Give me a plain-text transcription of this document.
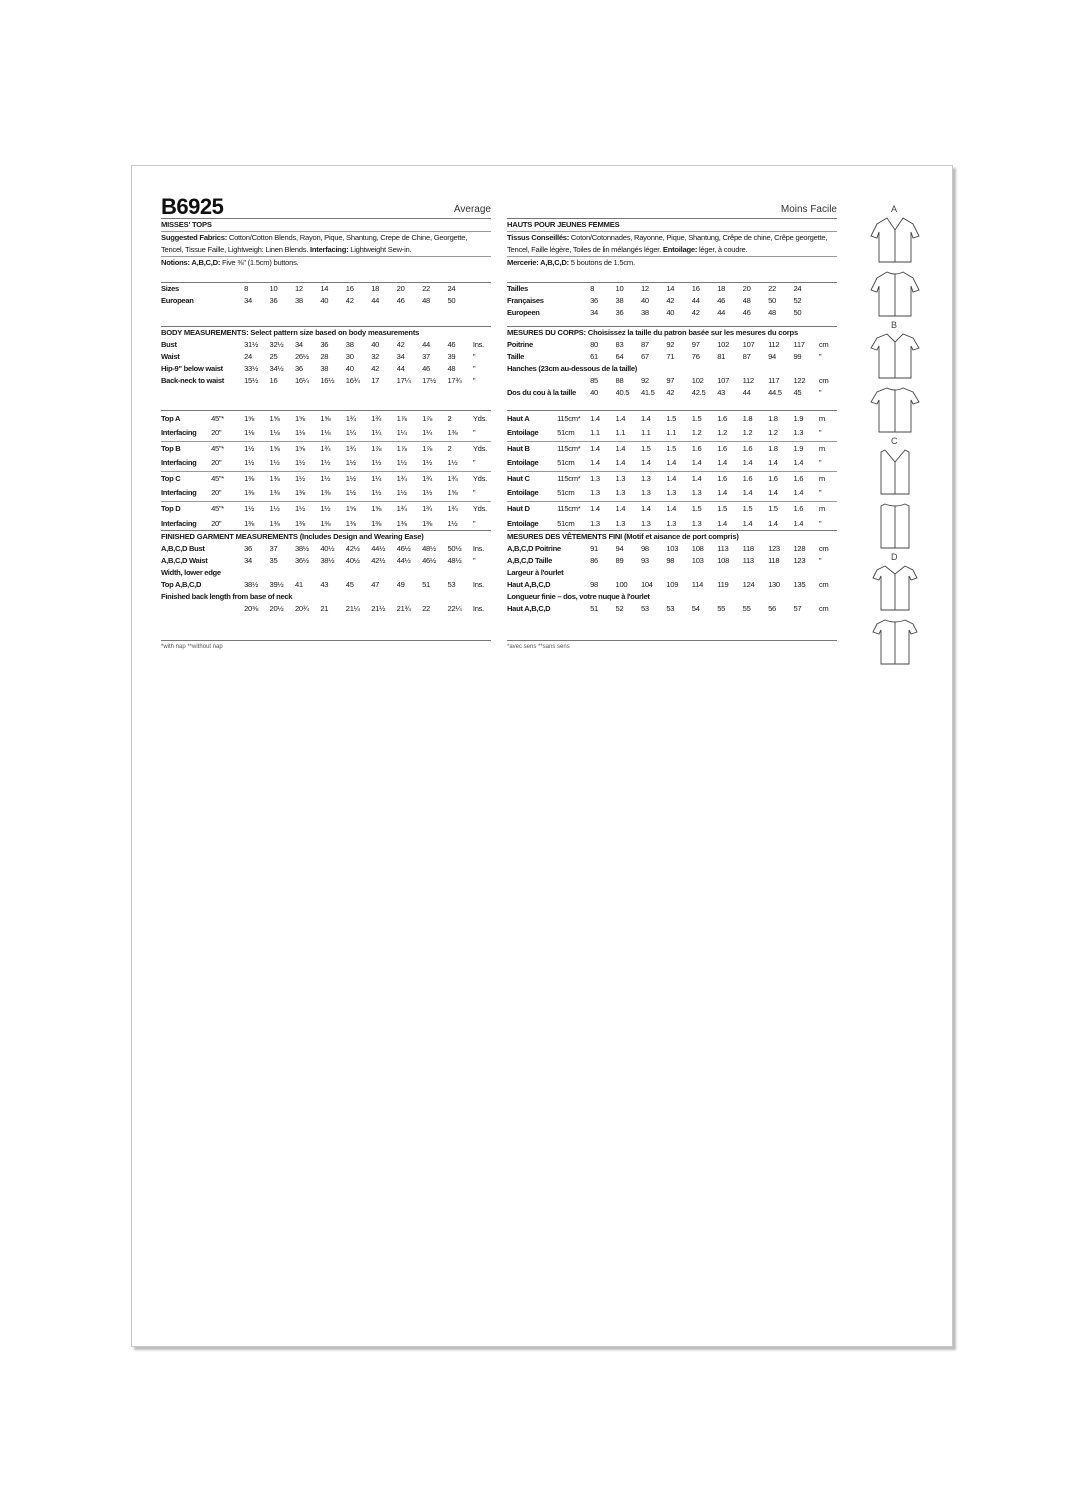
B6925	Average
MISSES' TOPS
Suggested Fabrics: Cotton/Cotton Blends, Rayon, Pique, Shantung, Crepe de Chine, Georgette, Tencel, Tissue Faille, Lightweigh: Linen Blends. Interfacing: Lightweight Sew-in.
Notions: A,B,C,D: Five ⅜" (1.5cm) buttons.
Sizes	8	10	12	14	16	18	20	22	24	
European	34	36	38	40	42	44	46	48	50	
BODY MEASUREMENTS: Select pattern size based on body measurements
Bust	31½	32½	34	36	38	40	42	44	46	Ins.
Waist	24	25	26½	28	30	32	34	37	39	"
Hip-9" below waist	33½	34½	36	38	40	42	44	46	48	"
Back-neck to waist	15½	16	16¼	16½	16¾	17	17¼	17½	17¾	"
Top A	45"*	1⅝	1⅝	1⅝	1⅝	1¾	1¾	1⅞	1⅞	2	Yds.
Interfacing	20"	1⅛	1⅛	1⅛	1⅛	1¼	1¼	1¼	1¼	1⅜	"
Top B	45"*	1½	1⅝	1⅝	1¾	1¾	1⅞	1⅞	1⅞	2	Yds.
Interfacing	20"	1½	1½	1½	1½	1½	1½	1½	1½	1½	"
Top C	45"*	1⅜	1⅜	1½	1½	1½	1¼	1¾	1¾	1¾	Yds.
Interfacing	20"	1⅜	1⅜	1⅜	1⅜	1½	1½	1½	1½	1⅝	"
Top D	45"*	1½	1½	1½	1½	1⅝	1⅝	1¾	1¾	1¾	Yds.
Interfacing	20"	1⅜	1⅜	1⅜	1⅜	1⅜	1⅜	1⅜	1⅜	1½	"
FINISHED GARMENT MEASUREMENTS (Includes Design and Wearing Ease)
A,B,C,D Bust	36	37	38½	40½	42½	44½	46½	48½	50½	Ins.
A,B,C,D Waist	34	35	36½	38½	40½	42½	44½	46½	48½	"
Width, lower edge										
Top A,B,C,D	38½	39½	41	43	45	47	49	51	53	Ins.
Finished back length from base of neck										
	20⅜	20½	20¾	21	21¼	21½	21¾	22	22¼	Ins.
*with nap **without nap
Moins Facile
HAUTS POUR JEUNES FEMMES
Tissus Conseillés: Coton/Cotonnades, Rayonne, Pique, Shantung, Crêpe de chine, Crêpe georgette, Tencel, Faille légère, Toiles de lin mélangés léger. Entoilage: léger, à coudre.
Mercerie: A,B,C,D: 5 boutons de 1.5cm.
Tailles	8	10	12	14	16	18	20	22	24	
Françaises	36	38	40	42	44	46	48	50	52	
Europeen	34	36	38	40	42	44	46	48	50	
MESURES DU CORPS: Choisissez la taille du patron basée sur les mesures du corps
Poitrine	80	83	87	92	97	102	107	112	117	cm
Taille	61	64	67	71	76	81	87	94	99	"
Hanches (23cm au-dessous de la taille)										
	85	88	92	97	102	107	112	117	122	cm
Dos du cou à la taille	40	40.5	41.5	42	42.5	43	44	44.5	45	"
Haut A	115cm*	1.4	1.4	1.4	1.5	1.5	1.6	1.8	1.8	1.9	m
Entoilage	51cm	1.1	1.1	1.1	1.1	1.2	1.2	1.2	1.2	1.3	"
Haut B	115cm*	1.4	1.4	1.5	1.5	1.6	1.6	1.6	1.8	1.9	m
Entoilage	51cm	1.4	1.4	1.4	1.4	1.4	1.4	1.4	1.4	1.4	"
Haut C	115cm*	1.3	1.3	1.3	1.4	1.4	1.6	1.6	1.6	1.6	m
Entoilage	51cm	1.3	1.3	1.3	1.3	1.3	1.4	1.4	1.4	1.4	"
Haut D	115cm*	1.4	1.4	1.4	1.4	1.5	1.5	1.5	1.5	1.6	m
Entoilage	51cm	1.3	1.3	1.3	1.3	1.3	1.4	1.4	1.4	1.4	"
MESURES DES VÊTEMENTS FINI (Motif et aisance de port compris)
A,B,C,D Poitrine	91	94	98	103	108	113	118	123	128	cm
A,B,C,D Taille	86	89	93	98	103	108	113	118	123	"
Largeur à l'ourlet										
Haut A,B,C,D	98	100	104	109	114	119	124	130	135	cm
Longueur finie – dos, votre nuque à l'ourlet										
Haut A,B,C,D	51	52	53	53	54	55	55	56	57	cm
*avec sens **sans sens
A
B
C
D
